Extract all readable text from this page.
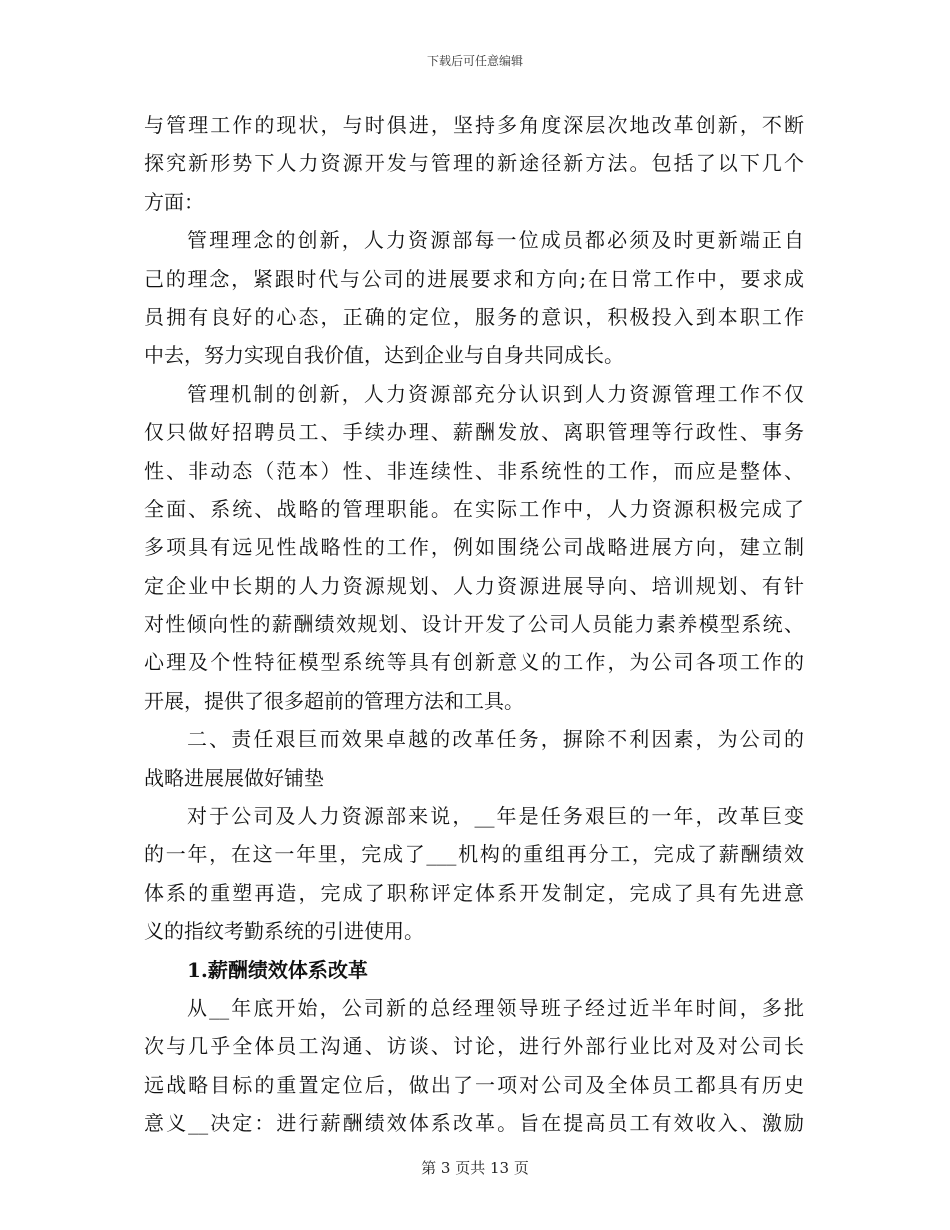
下载后可任意编辑
与管理工作的现状，与时俱进，坚持多角度深层次地改革创新，不断
探究新形势下人力资源开发与管理的新途径新方法。包括了以下几个
方面：
管理理念的创新，人力资源部每一位成员都必须及时更新端正自
己的理念，紧跟时代与公司的进展要求和方向;在日常工作中，要求成
员拥有良好的心态，正确的定位，服务的意识，积极投入到本职工作
中去，努力实现自我价值，达到企业与自身共同成长。
管理机制的创新，人力资源部充分认识到人力资源管理工作不仅
仅只做好招聘员工、手续办理、薪酬发放、离职管理等行政性、事务
性、非动态（范本）性、非连续性、非系统性的工作，而应是整体、
全面、系统、战略的管理职能。在实际工作中，人力资源积极完成了
多项具有远见性战略性的工作，例如围绕公司战略进展方向，建立制
定企业中长期的人力资源规划、人力资源进展导向、培训规划、有针
对性倾向性的薪酬绩效规划、设计开发了公司人员能力素养模型系统、
心理及个性特征模型系统等具有创新意义的工作，为公司各项工作的
开展，提供了很多超前的管理方法和工具。
二、责任艰巨而效果卓越的改革任务，摒除不利因素，为公司的
战略进展展做好铺垫
对于公司及人力资源部来说，__年是任务艰巨的一年，改革巨变
的一年，在这一年里，完成了___机构的重组再分工，完成了薪酬绩效
体系的重塑再造，完成了职称评定体系开发制定，完成了具有先进意
义的指纹考勤系统的引进使用。
1.薪酬绩效体系改革
从__年底开始，公司新的总经理领导班子经过近半年时间，多批
次与几乎全体员工沟通、访谈、讨论，进行外部行业比对及对公司长
远战略目标的重置定位后，做出了一项对公司及全体员工都具有历史
意义__决定：进行薪酬绩效体系改革。旨在提高员工有效收入、激励
第 3 页共 13 页
